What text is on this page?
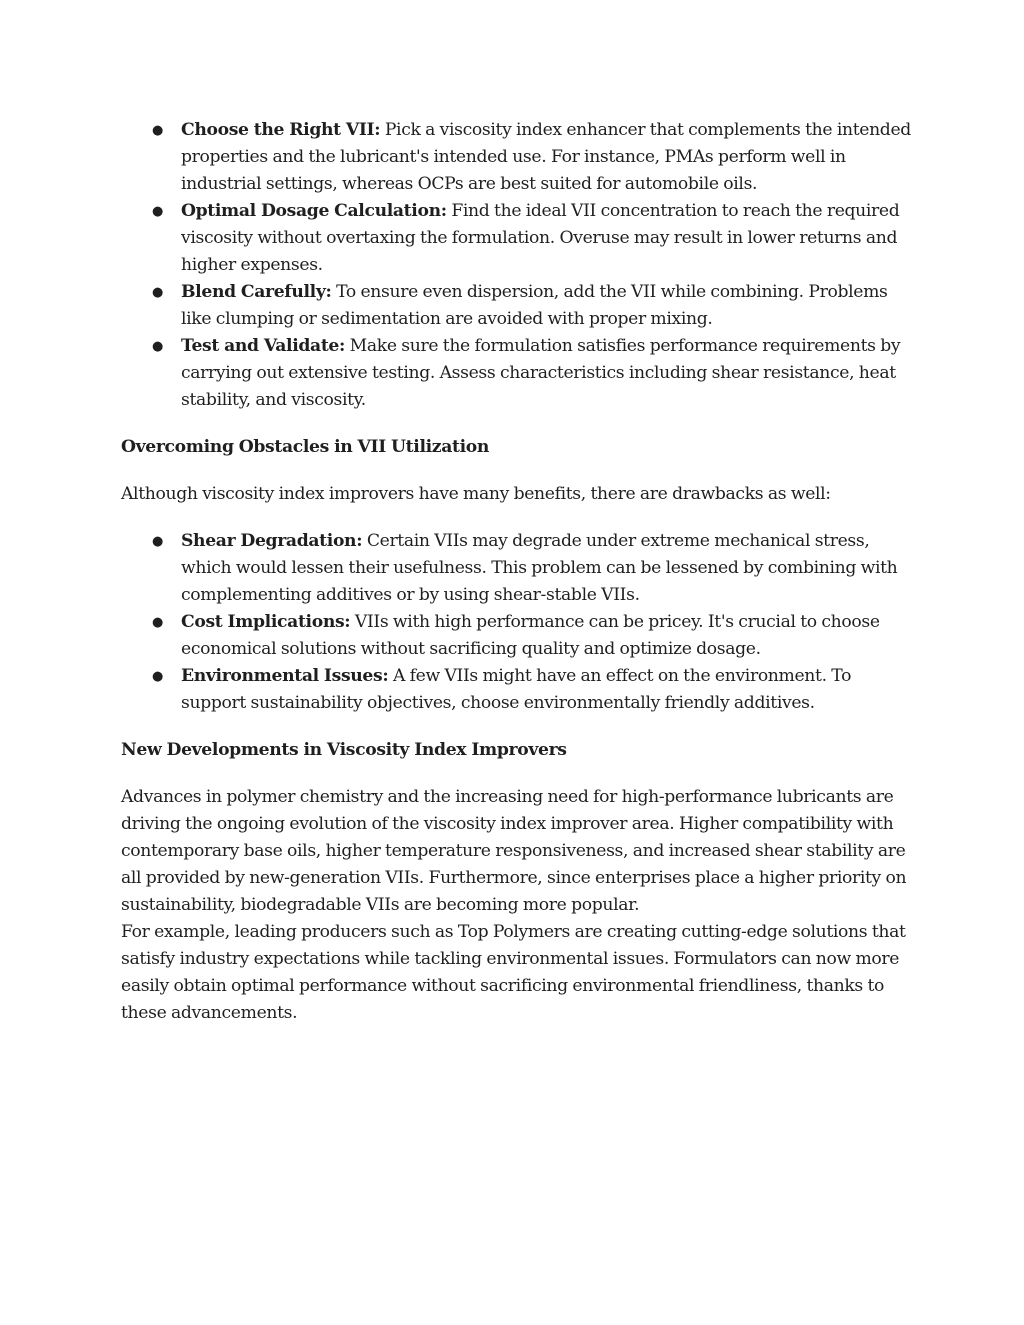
● Choose the Right VII: Pick a viscosity index enhancer that complements the intended properties and the lubricant's intended use. For instance, PMAs perform well in industrial settings, whereas OCPs are best suited for automobile oils.
● Optimal Dosage Calculation: Find the ideal VII concentration to reach the required viscosity without overtaxing the formulation. Overuse may result in lower returns and higher expenses.
● Blend Carefully: To ensure even dispersion, add the VII while combining. Problems like clumping or sedimentation are avoided with proper mixing.
● Test and Validate: Make sure the formulation satisfies performance requirements by carrying out extensive testing. Assess characteristics including shear resistance, heat stability, and viscosity.
Overcoming Obstacles in VII Utilization
Although viscosity index improvers have many benefits, there are drawbacks as well:
● Shear Degradation: Certain VIIs may degrade under extreme mechanical stress, which would lessen their usefulness. This problem can be lessened by combining with complementing additives or by using shear-stable VIIs.
● Cost Implications: VIIs with high performance can be pricey. It's crucial to choose economical solutions without sacrificing quality and optimize dosage.
● Environmental Issues: A few VIIs might have an effect on the environment. To support sustainability objectives, choose environmentally friendly additives.
New Developments in Viscosity Index Improvers
Advances in polymer chemistry and the increasing need for high-performance lubricants are driving the ongoing evolution of the viscosity index improver area. Higher compatibility with contemporary base oils, higher temperature responsiveness, and increased shear stability are all provided by new-generation VIIs. Furthermore, since enterprises place a higher priority on sustainability, biodegradable VIIs are becoming more popular.
For example, leading producers such as Top Polymers are creating cutting-edge solutions that satisfy industry expectations while tackling environmental issues. Formulators can now more easily obtain optimal performance without sacrificing environmental friendliness, thanks to these advancements.
